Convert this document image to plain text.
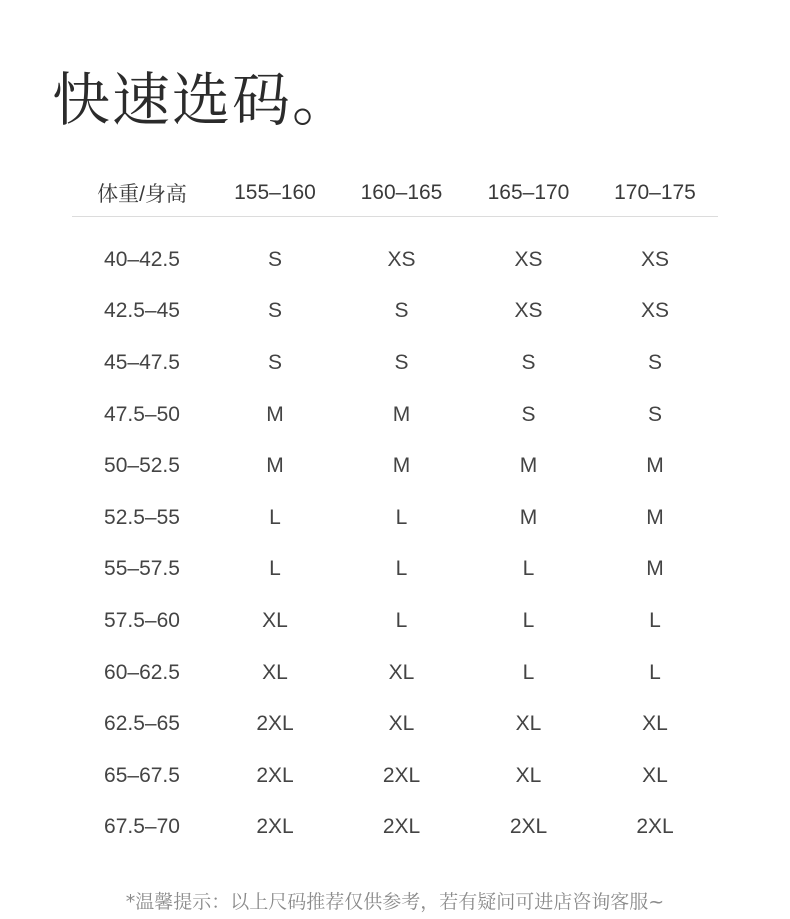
快速选码。
体重/身高	155–160	160–165	165–170	170–175
40–42.5	S	XS	XS	XS
42.5–45	S	S	XS	XS
45–47.5	S	S	S	S
47.5–50	M	M	S	S
50–52.5	M	M	M	M
52.5–55	L	L	M	M
55–57.5	L	L	L	M
57.5–60	XL	L	L	L
60–62.5	XL	XL	L	L
62.5–65	2XL	XL	XL	XL
65–67.5	2XL	2XL	XL	XL
67.5–70	2XL	2XL	2XL	2XL
*温馨提示：以上尺码推荐仅供参考，若有疑问可进店咨询客服~
